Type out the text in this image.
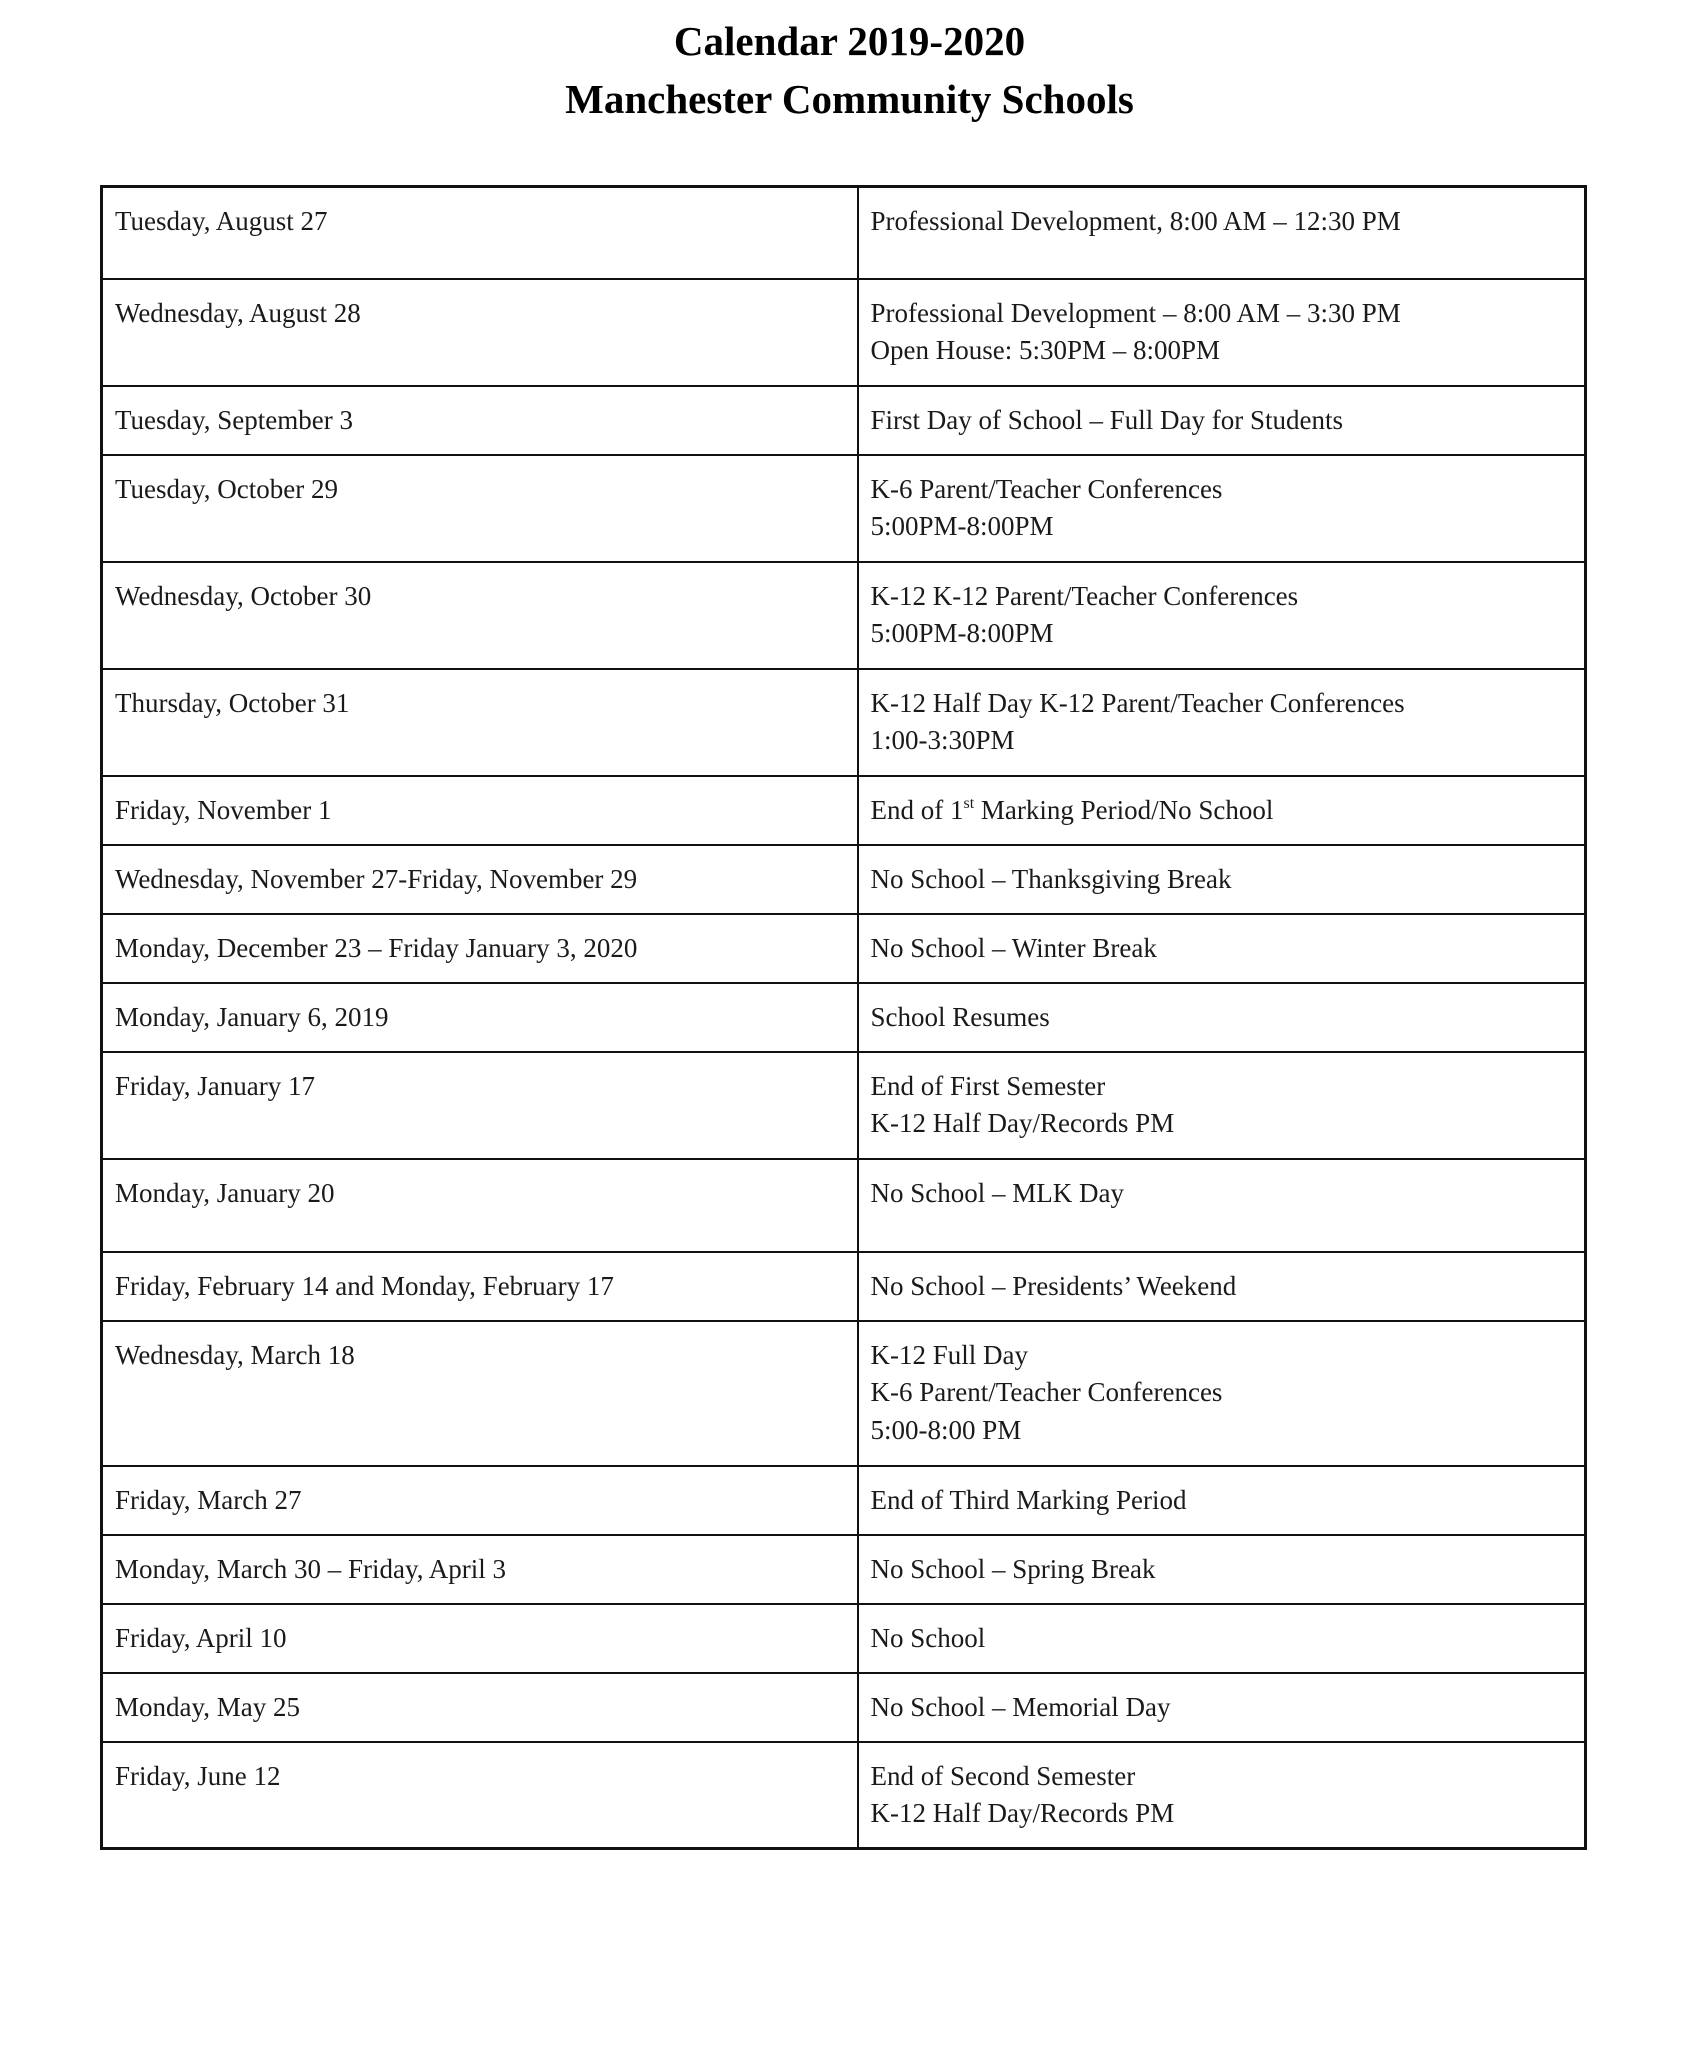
Calendar 2019-2020
Manchester Community Schools
Tuesday, August 27	Professional Development, 8:00 AM – 12:30 PM

Wednesday, August 28	Professional Development – 8:00 AM – 3:30 PM
Open House: 5:30PM – 8:00PM

Tuesday, September 3	First Day of School – Full Day for Students

Tuesday, October 29	K-6 Parent/Teacher Conferences
5:00PM-8:00PM

Wednesday, October 30	K-12 K-12 Parent/Teacher Conferences
5:00PM-8:00PM

Thursday, October 31	K-12 Half Day K-12 Parent/Teacher Conferences
1:00-3:30PM

Friday, November 1	End of 1st Marking Period/No School

Wednesday, November 27-Friday, November 29	No School – Thanksgiving Break

Monday, December 23 – Friday January 3, 2020	No School – Winter Break

Monday, January 6, 2019	School Resumes

Friday, January 17	End of First Semester
K-12 Half Day/Records PM

Monday, January 20	No School – MLK Day

Friday, February 14 and Monday, February 17	No School – Presidents’ Weekend

Wednesday, March 18	K-12 Full Day
K-6 Parent/Teacher Conferences
5:00-8:00 PM

Friday, March 27	End of Third Marking Period

Monday, March 30 – Friday, April 3	No School – Spring Break

Friday, April 10	No School

Monday, May 25	No School – Memorial Day

Friday, June 12	End of Second Semester
K-12 Half Day/Records PM
